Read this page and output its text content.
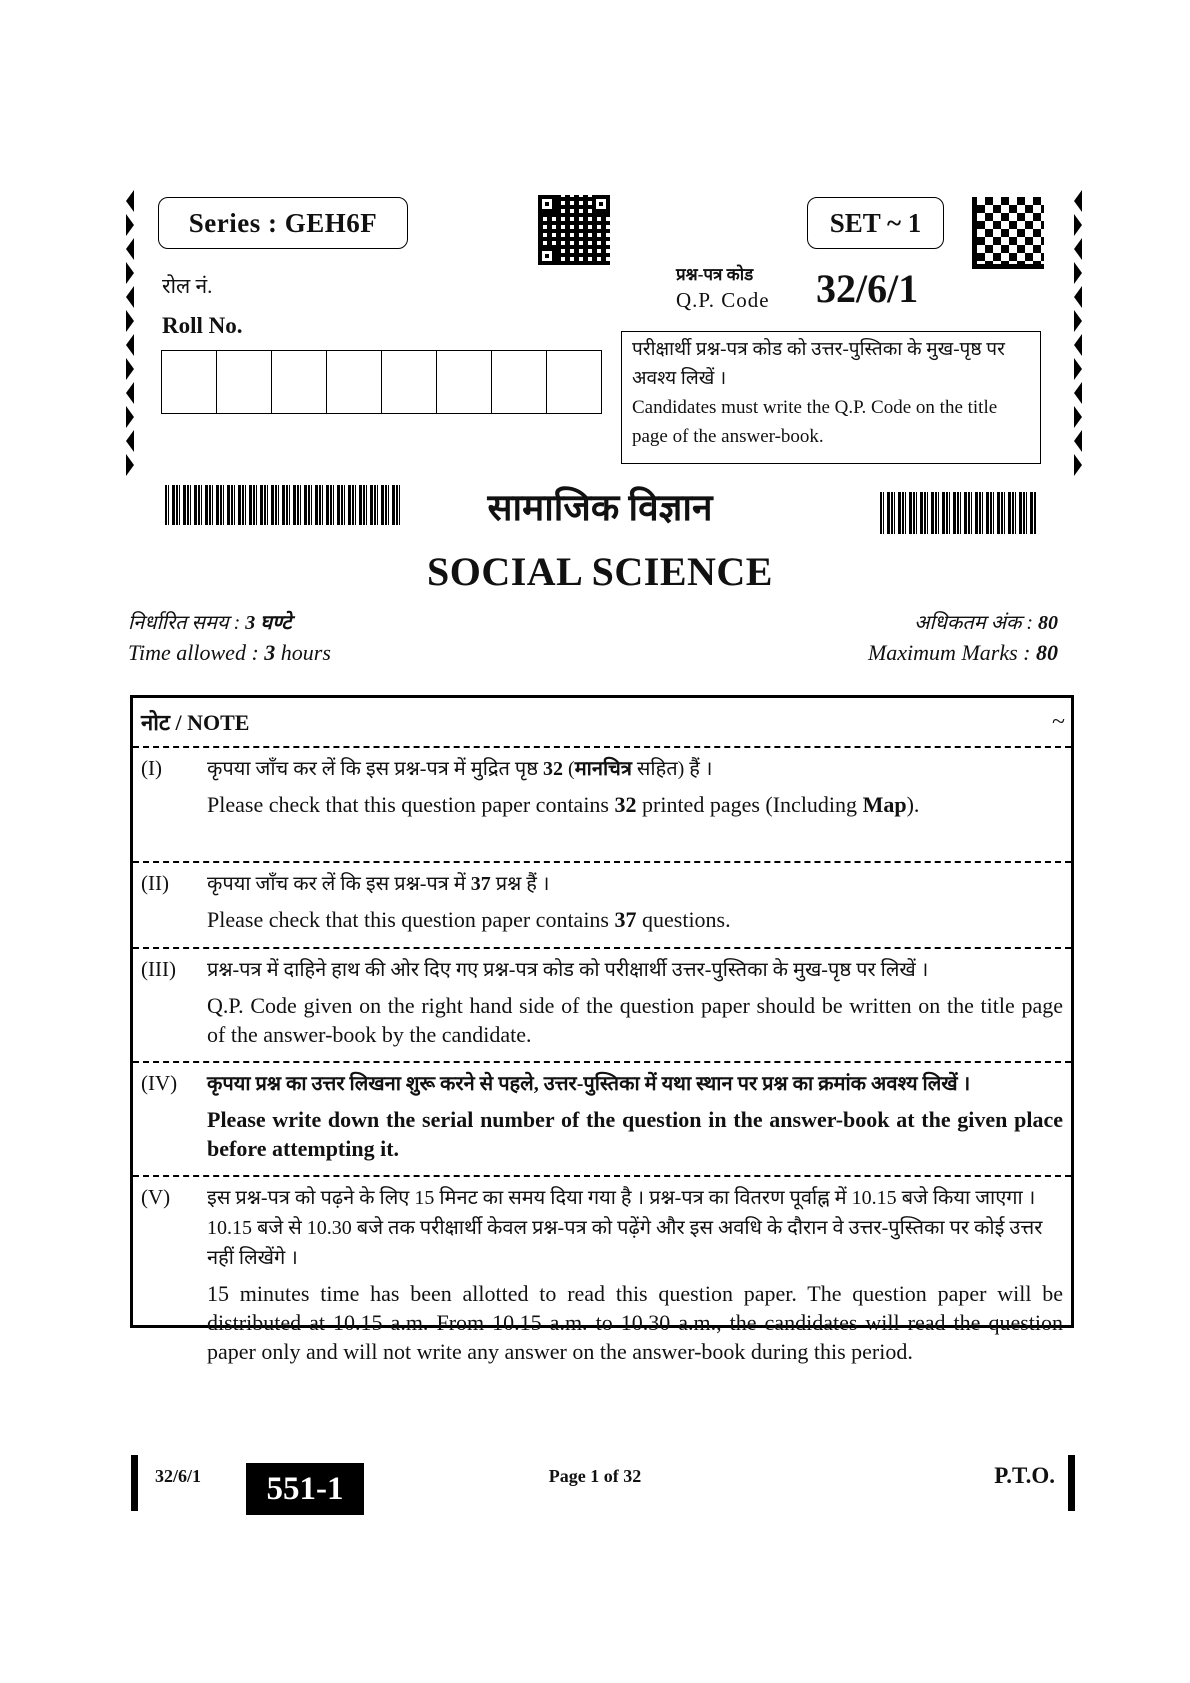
Series : GEH6F
रोल नं.
Roll No.
SET ~ 1
प्रश्न-पत्र कोड
Q.P. Code 32/6/1

परीक्षार्थी प्रश्न-पत्र कोड को उत्तर-पुस्तिका के मुख-पृष्ठ पर अवश्य लिखें ।

Candidates must write the Q.P. Code on the title page of the answer-book.

सामाजिक विज्ञान
SOCIAL SCIENCE
निर्धारित समय : 3 घण्टे
Time allowed : 3 hours
अधिकतम अंक : 80
Maximum Marks : 80
नोट / NOTE	~
(I)	कृपया जाँच कर लें कि इस प्रश्न-पत्र में मुद्रित पृष्ठ 32 (मानचित्र सहित) हैं ।

Please check that this question paper contains 32 printed pages (Including Map).

(II)	कृपया जाँच कर लें कि इस प्रश्न-पत्र में 37 प्रश्न हैं ।

Please check that this question paper contains 37 questions.

(III)	प्रश्न-पत्र में दाहिने हाथ की ओर दिए गए प्रश्न-पत्र कोड को परीक्षार्थी उत्तर-पुस्तिका के मुख-पृष्ठ पर लिखें ।

Q.P. Code given on the right hand side of the question paper should be written on the title page of the answer-book by the candidate.

(IV)	कृपया प्रश्न का उत्तर लिखना शुरू करने से पहले, उत्तर-पुस्तिका में यथा स्थान पर प्रश्न का क्रमांक अवश्य लिखें ।

Please write down the serial number of the question in the answer-book at the given place before attempting it.

(V)	इस प्रश्न-पत्र को पढ़ने के लिए 15 मिनट का समय दिया गया है । प्रश्न-पत्र का वितरण पूर्वाह्न में 10.15 बजे किया जाएगा । 10.15 बजे से 10.30 बजे तक परीक्षार्थी केवल प्रश्न-पत्र को पढ़ेंगे और इस अवधि के दौरान वे उत्तर-पुस्तिका पर कोई उत्तर नहीं लिखेंगे ।

15 minutes time has been allotted to read this question paper. The question paper will be distributed at 10.15 a.m. From 10.15 a.m. to 10.30 a.m., the candidates will read the question paper only and will not write any answer on the answer-book during this period.

32/6/1	551-1	Page 1 of 32	P.T.O.
